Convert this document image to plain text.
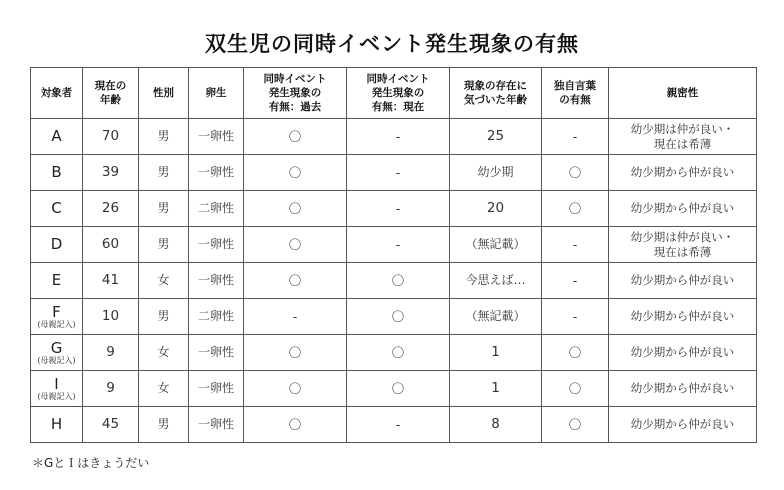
双生児の同時イベント発生現象の有無
対象者	現在の
年齢	性別	卵生	同時イベント
発生現象の
有無：過去	同時イベント
発生現象の
有無：現在	現象の存在に
気づいた年齢	独自言葉
の有無	親密性

A	70	男	一卵性	〇	-	25	-	幼少期は仲が良い・
現在は希薄

B	39	男	一卵性	〇	-	幼少期	〇	幼少期から仲が良い

C	26	男	二卵性	〇	-	20	〇	幼少期から仲が良い

D	60	男	一卵性	〇	-	（無記載）	-	幼少期は仲が良い・
現在は希薄

E	41	女	一卵性	〇	〇	今思えば…	-	幼少期から仲が良い

F
(母親記入)	10	男	二卵性	-	〇	（無記載）	-	幼少期から仲が良い

G
(母親記入)	9	女	一卵性	〇	〇	1	〇	幼少期から仲が良い

I
(母親記入)	9	女	一卵性	〇	〇	1	〇	幼少期から仲が良い

H	45	男	一卵性	〇	-	8	〇	幼少期から仲が良い
＊GとＩはきょうだい
